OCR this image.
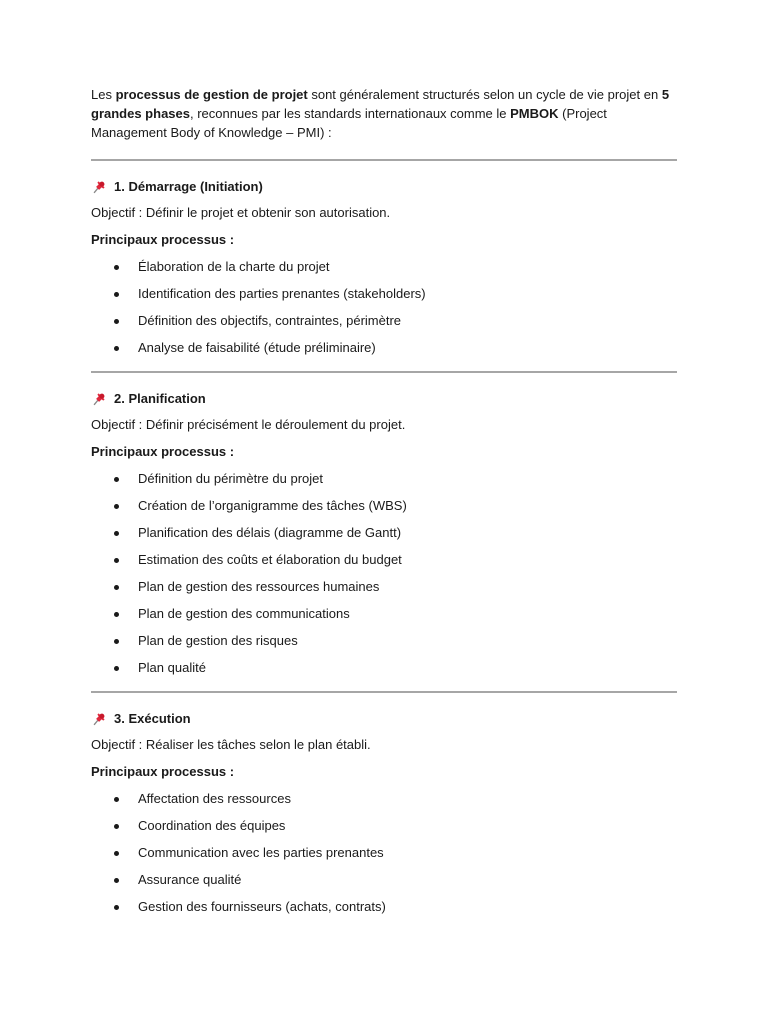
Les processus de gestion de projet sont généralement structurés selon un cycle de vie projet en 5 grandes phases, reconnues par les standards internationaux comme le PMBOK (Project Management Body of Knowledge – PMI) :

1. Démarrage (Initiation)
Objectif : Définir le projet et obtenir son autorisation.
Principaux processus :
Élaboration de la charte du projet
Identification des parties prenantes (stakeholders)
Définition des objectifs, contraintes, périmètre
Analyse de faisabilité (étude préliminaire)
2. Planification
Objectif : Définir précisément le déroulement du projet.
Principaux processus :
Définition du périmètre du projet
Création de l’organigramme des tâches (WBS)
Planification des délais (diagramme de Gantt)
Estimation des coûts et élaboration du budget
Plan de gestion des ressources humaines
Plan de gestion des communications
Plan de gestion des risques
Plan qualité
3. Exécution
Objectif : Réaliser les tâches selon le plan établi.
Principaux processus :
Affectation des ressources
Coordination des équipes
Communication avec les parties prenantes
Assurance qualité
Gestion des fournisseurs (achats, contrats)
